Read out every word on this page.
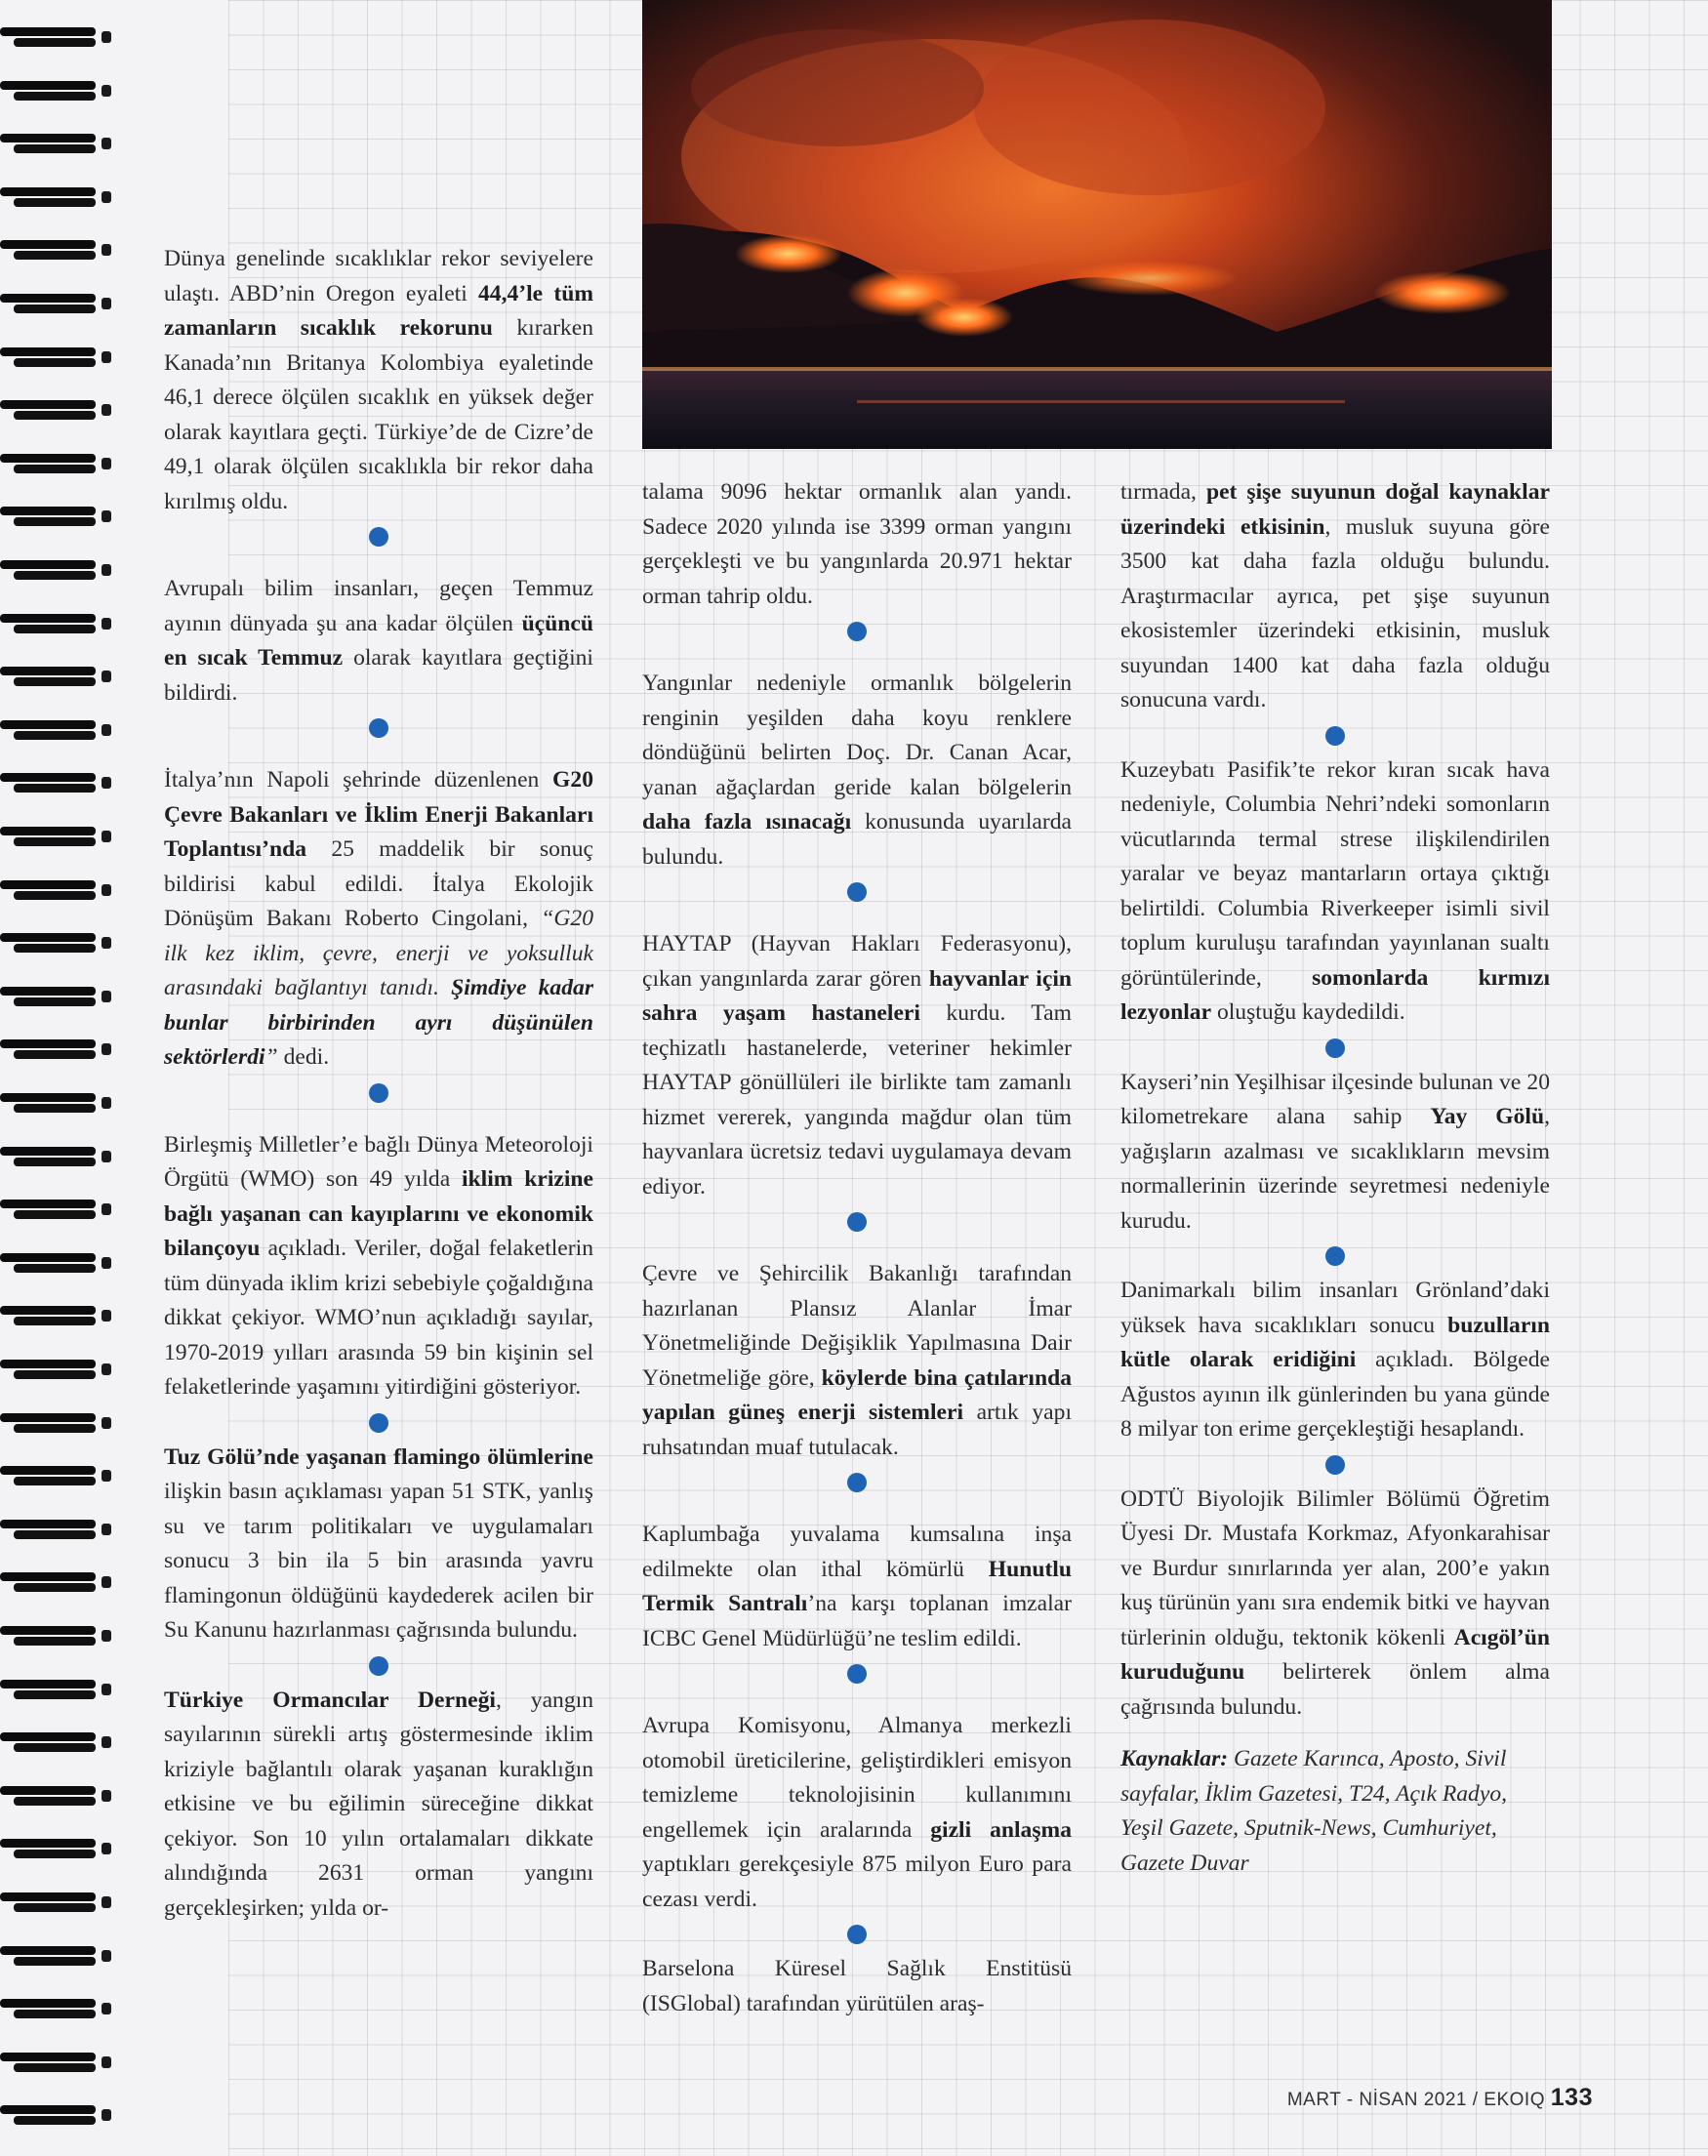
Dünya genelinde sıcaklıklar rekor seviyelere ulaştı. ABD’nin Oregon eyaleti 44,4’le tüm zamanların sıcaklık rekorunu kırarken Kanada’nın Britanya Kolombiya eyaletinde 46,1 derece ölçülen sıcaklık en yüksek değer olarak kayıtlara geçti. Türkiye’de de Cizre’de 49,1 olarak ölçülen sıcaklıkla bir rekor daha kırılmış oldu.

Avrupalı bilim insanları, geçen Temmuz ayının dünyada şu ana kadar ölçülen üçüncü en sıcak Temmuz olarak kayıtlara geçtiğini bildirdi.

İtalya’nın Napoli şehrinde düzenlenen G20 Çevre Bakanları ve İklim Enerji Bakanları Toplantısı’nda 25 maddelik bir sonuç bildirisi kabul edildi. İtalya Ekolojik Dönüşüm Bakanı Roberto Cingolani, “G20 ilk kez iklim, çevre, enerji ve yoksulluk arasındaki bağlantıyı tanıdı. Şimdiye kadar bunlar birbirinden ayrı düşünülen sektörlerdi” dedi.

Birleşmiş Milletler’e bağlı Dünya Meteoroloji Örgütü (WMO) son 49 yılda iklim krizine bağlı yaşanan can kayıplarını ve ekonomik bilançoyu açıkladı. Veriler, doğal felaketlerin tüm dünyada iklim krizi sebebiyle çoğaldığına dikkat çekiyor. WMO’nun açıkladığı sayılar, 1970-2019 yılları arasında 59 bin kişinin sel felaketlerinde yaşamını yitirdiğini gösteriyor.

Tuz Gölü’nde yaşanan flamingo ölümlerine ilişkin basın açıklaması yapan 51 STK, yanlış su ve tarım politikaları ve uygulamaları sonucu 3 bin ila 5 bin arasında yavru flamingonun öldüğünü kaydederek acilen bir Su Kanunu hazırlanması çağrısında bulundu.

Türkiye Ormancılar Derneği, yangın sayılarının sürekli artış göstermesinde iklim kriziyle bağlantılı olarak yaşanan kuraklığın etkisine ve bu eğilimin süreceğine dikkat çekiyor. Son 10 yılın ortalamaları dikkate alındığında 2631 orman yangını gerçekleşirken; yılda or-

talama 9096 hektar ormanlık alan yandı. Sadece 2020 yılında ise 3399 orman yangını gerçekleşti ve bu yangınlarda 20.971 hektar orman tahrip oldu.

Yangınlar nedeniyle ormanlık bölgelerin renginin yeşilden daha koyu renklere döndüğünü belirten Doç. Dr. Canan Acar, yanan ağaçlardan geride kalan bölgelerin daha fazla ısınacağı konusunda uyarılarda bulundu.

HAYTAP (Hayvan Hakları Federasyonu), çıkan yangınlarda zarar gören hayvanlar için sahra yaşam hastaneleri kurdu. Tam teçhizatlı hastanelerde, veteriner hekimler HAYTAP gönüllüleri ile birlikte tam zamanlı hizmet vererek, yangında mağdur olan tüm hayvanlara ücretsiz tedavi uygulamaya devam ediyor.

Çevre ve Şehircilik Bakanlığı tarafından hazırlanan Plansız Alanlar İmar Yönetmeliğinde Değişiklik Yapılmasına Dair Yönetmeliğe göre, köylerde bina çatılarında yapılan güneş enerji sistemleri artık yapı ruhsatından muaf tutulacak.

Kaplumbağa yuvalama kumsalına inşa edilmekte olan ithal kömürlü Hunutlu Termik Santralı’na karşı toplanan imzalar ICBC Genel Müdürlüğü’ne teslim edildi.

Avrupa Komisyonu, Almanya merkezli otomobil üreticilerine, geliştirdikleri emisyon temizleme teknolojisinin kullanımını engellemek için aralarında gizli anlaşma yaptıkları gerekçesiyle 875 milyon Euro para cezası verdi.

Barselona Küresel Sağlık Enstitüsü (ISGlobal) tarafından yürütülen araş-

tırmada, pet şişe suyunun doğal kaynaklar üzerindeki etkisinin, musluk suyuna göre 3500 kat daha fazla olduğu bulundu. Araştırmacılar ayrıca, pet şişe suyunun ekosistemler üzerindeki etkisinin, musluk suyundan 1400 kat daha fazla olduğu sonucuna vardı.

Kuzeybatı Pasifik’te rekor kıran sıcak hava nedeniyle, Columbia Nehri’ndeki somonların vücutlarında termal strese ilişkilendirilen yaralar ve beyaz mantarların ortaya çıktığı belirtildi. Columbia Riverkeeper isimli sivil toplum kuruluşu tarafından yayınlanan sualtı görüntülerinde, somonlarda kırmızı lezyonlar oluştuğu kaydedildi.

Kayseri’nin Yeşilhisar ilçesinde bulunan ve 20 kilometrekare alana sahip Yay Gölü, yağışların azalması ve sıcaklıkların mevsim normallerinin üzerinde seyretmesi nedeniyle kurudu.

Danimarkalı bilim insanları Grönland’daki yüksek hava sıcaklıkları sonucu buzulların kütle olarak eridiğini açıkladı. Bölgede Ağustos ayının ilk günlerinden bu yana günde 8 milyar ton erime gerçekleştiği hesaplandı.

ODTÜ Biyolojik Bilimler Bölümü Öğretim Üyesi Dr. Mustafa Korkmaz, Afyonkarahisar ve Burdur sınırlarında yer alan, 200’e yakın kuş türünün yanı sıra endemik bitki ve hayvan türlerinin olduğu, tektonik kökenli Acıgöl’ün kuruduğunu belirterek önlem alma çağrısında bulundu.

Kaynaklar: Gazete Karınca, Aposto, Sivil sayfalar, İklim Gazetesi, T24, Açık Radyo, Yeşil Gazete, Sputnik-News, Cumhuriyet, Gazete Duvar

MART - NİSAN 2021 / EKOIQ 133
